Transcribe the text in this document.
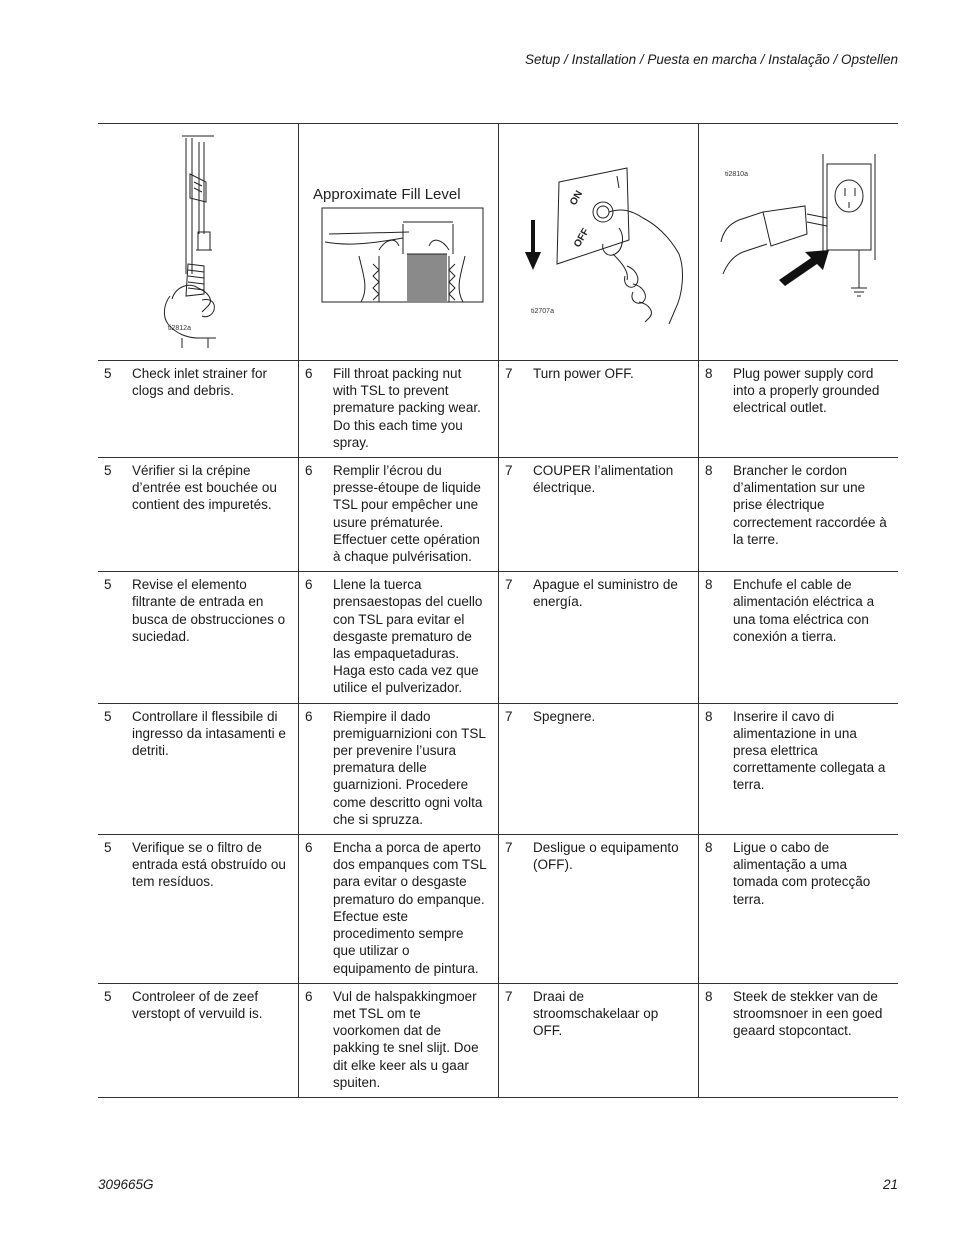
Setup / Installation / Puesta en marcha / Instalação / Opstellen
ti2812a
Approximate Fill Level	ON
OFF
ti2707a
ti2810a
5	Check inlet strainer for clogs and debris.
6	Fill throat packing nut with TSL to prevent premature packing wear. Do this each time you spray.
7	Turn power OFF.	8	Plug power supply cord into a properly grounded electrical outlet.
5	Vérifier si la crépine d’entrée est bouchée ou contient des impuretés.
6	Remplir l’écrou du presse-étoupe de liquide TSL pour empêcher une usure prématurée. Effectuer cette opération à chaque pulvérisation.
7	COUPER l’alimentation électrique.
8	Brancher le cordon d’alimentation sur une prise électrique correctement raccordée à la terre.
5	Revise el elemento filtrante de entrada en busca de obstrucciones o suciedad.
6	Llene la tuerca prensaestopas del cuello con TSL para evitar el desgaste prematuro de las empaquetaduras. Haga esto cada vez que utilice el pulverizador.
7	Apague el suministro de energía.
8	Enchufe el cable de alimentación eléctrica a una toma eléctrica con conexión a tierra.
5	Controllare il flessibile di ingresso da intasamenti e detriti.
6	Riempire il dado premiguarnizioni con TSL per prevenire l’usura prematura delle guarnizioni. Procedere come descritto ogni volta che si spruzza.
7	Spegnere.	8	Inserire il cavo di alimentazione in una presa elettrica correttamente collegata a terra.
5	Verifique se o filtro de entrada está obstruído ou tem resíduos.
6	Encha a porca de aperto dos empanques com TSL para evitar o desgaste prematuro do empanque. Efectue este procedimento sempre que utilizar o equipamento de pintura.
7	Desligue o equipamento (OFF).
8	Ligue o cabo de alimentação a uma tomada com protecção terra.
5	Controleer of de zeef verstopt of vervuild is.
6	Vul de halspakkingmoer met TSL om te voorkomen dat de pakking te snel slijt. Doe dit elke keer als u gaar spuiten.
7	Draai de stroomschakelaar op OFF.
8	Steek de stekker van de stroomsnoer in een goed geaard stopcontact.
309665G	21
